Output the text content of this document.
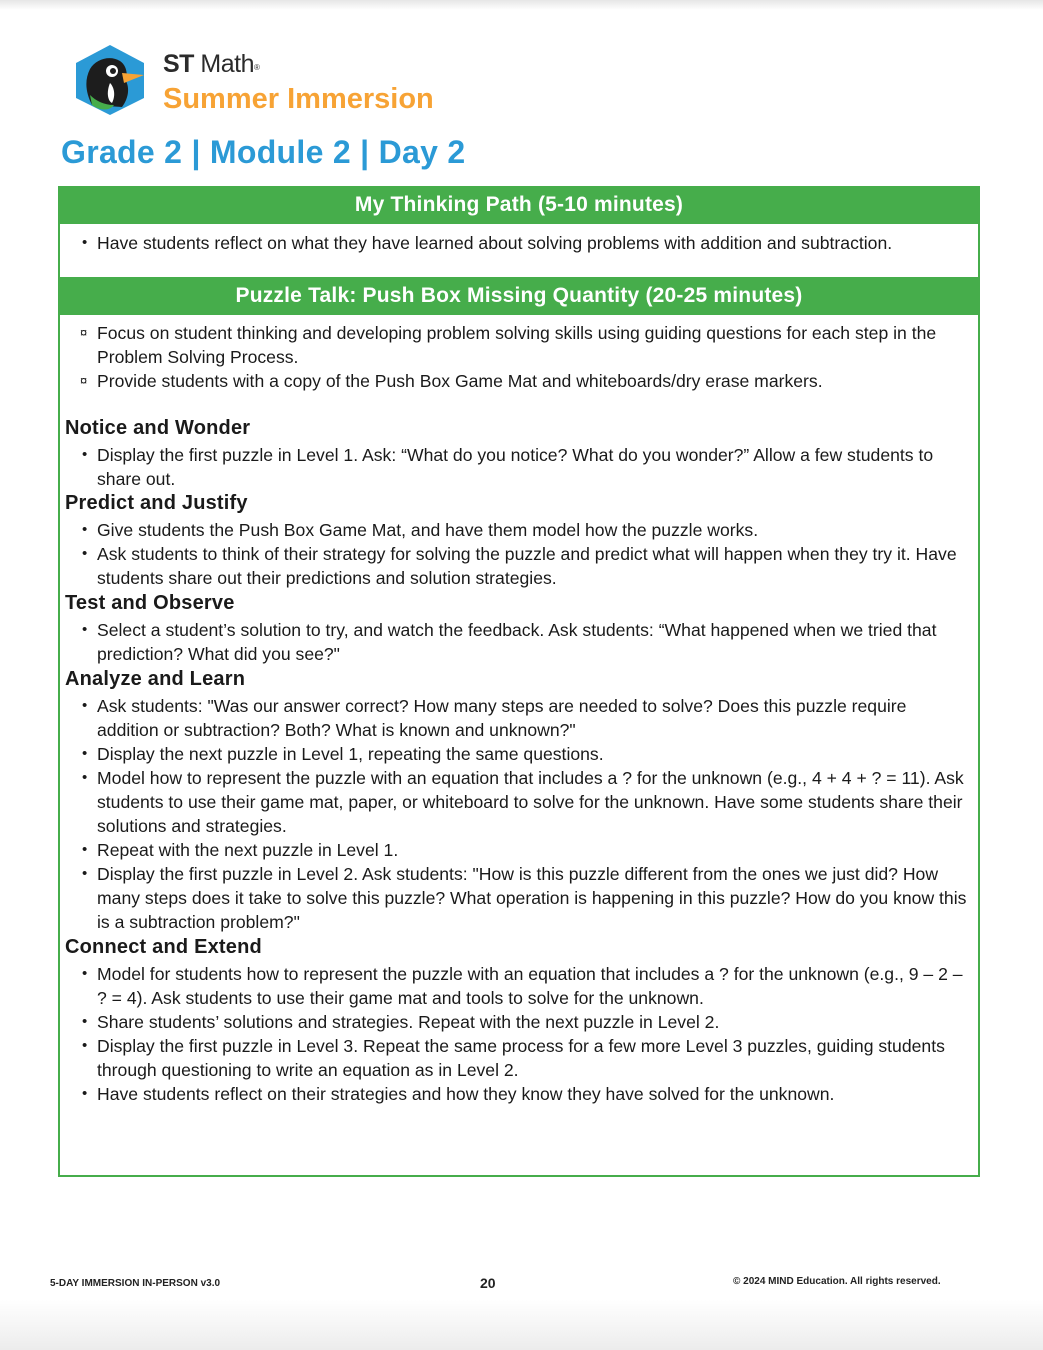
ST Math®
Summer Immersion
Grade 2 | Module 2 | Day 2
My Thinking Path (5-10 minutes)
• Have students reflect on what they have learned about solving problems with addition and subtraction.
Puzzle Talk: Push Box Missing Quantity (20-25 minutes)
¤ Focus on student thinking and developing problem solving skills using guiding questions for each step in the Problem Solving Process.
¤ Provide students with a copy of the Push Box Game Mat and whiteboards/dry erase markers.
Notice and Wonder
• Display the first puzzle in Level 1. Ask: “What do you notice? What do you wonder?” Allow a few students to share out.
Predict and Justify
• Give students the Push Box Game Mat, and have them model how the puzzle works.
• Ask students to think of their strategy for solving the puzzle and predict what will happen when they try it. Have students share out their predictions and solution strategies.
Test and Observe
• Select a student’s solution to try, and watch the feedback. Ask students: “What happened when we tried that prediction? What did you see?"
Analyze and Learn
• Ask students: "Was our answer correct? How many steps are needed to solve? Does this puzzle require addition or subtraction? Both? What is known and unknown?"
• Display the next puzzle in Level 1, repeating the same questions.
• Model how to represent the puzzle with an equation that includes a ? for the unknown (e.g., 4 + 4 + ? = 11). Ask students to use their game mat, paper, or whiteboard to solve for the unknown. Have some students share their solutions and strategies.
• Repeat with the next puzzle in Level 1.
• Display the first puzzle in Level 2. Ask students: "How is this puzzle different from the ones we just did? How many steps does it take to solve this puzzle? What operation is happening in this puzzle? How do you know this is a subtraction problem?"
Connect and Extend
• Model for students how to represent the puzzle with an equation that includes a ? for the unknown (e.g., 9 – 2 – ? = 4). Ask students to use their game mat and tools to solve for the unknown.
• Share students’ solutions and strategies. Repeat with the next puzzle in Level 2.
• Display the first puzzle in Level 3. Repeat the same process for a few more Level 3 puzzles, guiding students through questioning to write an equation as in Level 2.
• Have students reflect on their strategies and how they know they have solved for the unknown.
5-DAY IMMERSION IN-PERSON v3.0	20	© 2024 MIND Education. All rights reserved.
